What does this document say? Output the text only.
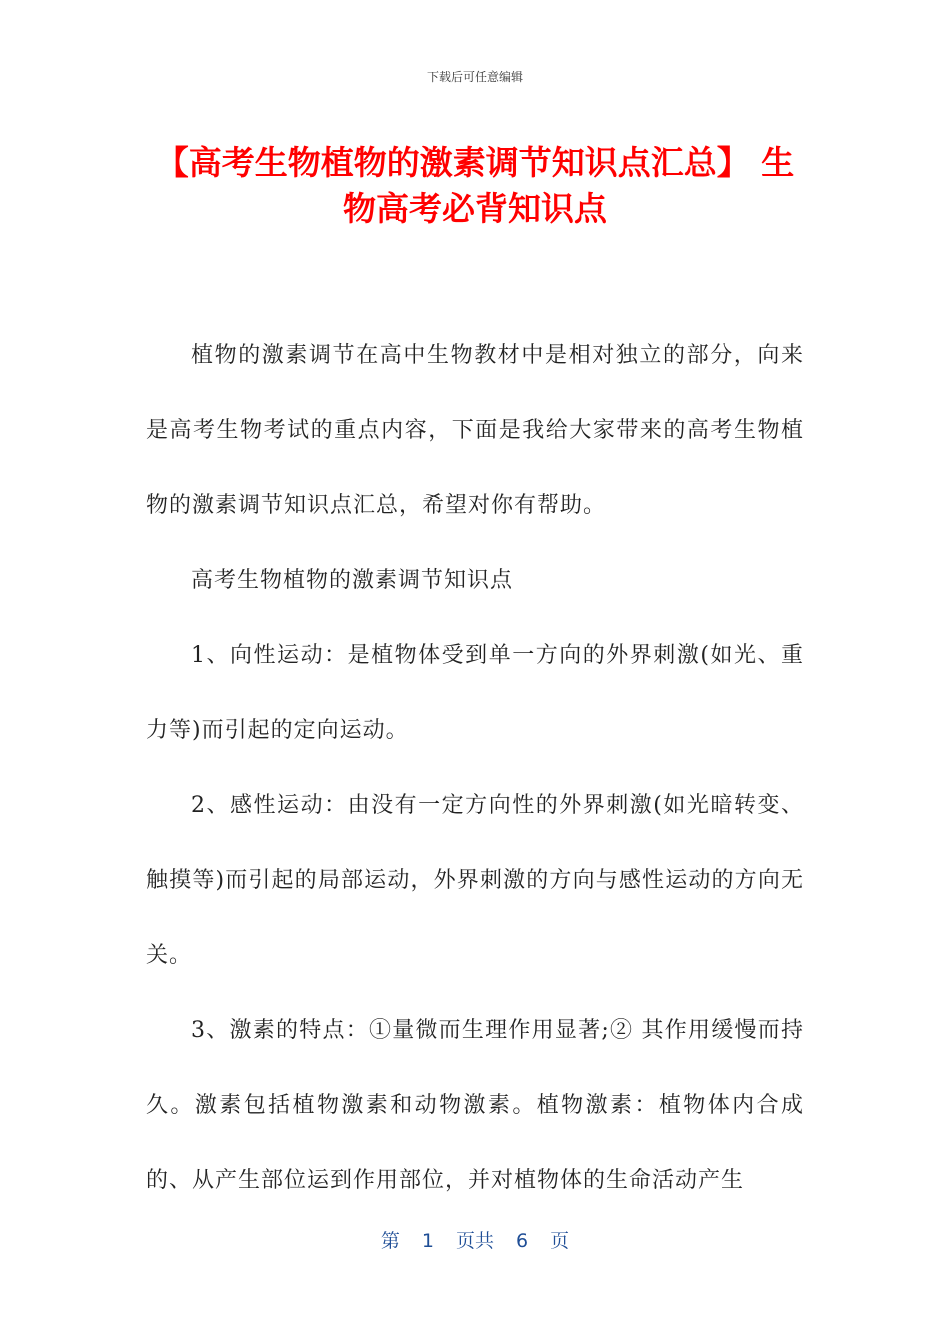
下载后可任意编辑
【高考生物植物的激素调节知识点汇总】 生物高考必背知识点

植物的激素调节在高中生物教材中是相对独立的部分，向来是高考生物考试的重点内容，下面是我给大家带来的高考生物植物的激素调节知识点汇总，希望对你有帮助。

高考生物植物的激素调节知识点

1、向性运动：是植物体受到单一方向的外界刺激(如光、重力等)而引起的定向运动。

2、感性运动：由没有一定方向性的外界刺激(如光暗转变、触摸等)而引起的局部运动，外界刺激的方向与感性运动的方向无关。

3、激素的特点：①量微而生理作用显著;② 其作用缓慢而持久。激素包括植物激素和动物激素。植物激素：植物体内合成的、从产生部位运到作用部位，并对植物体的生命活动产生

第 1 页共 6 页
